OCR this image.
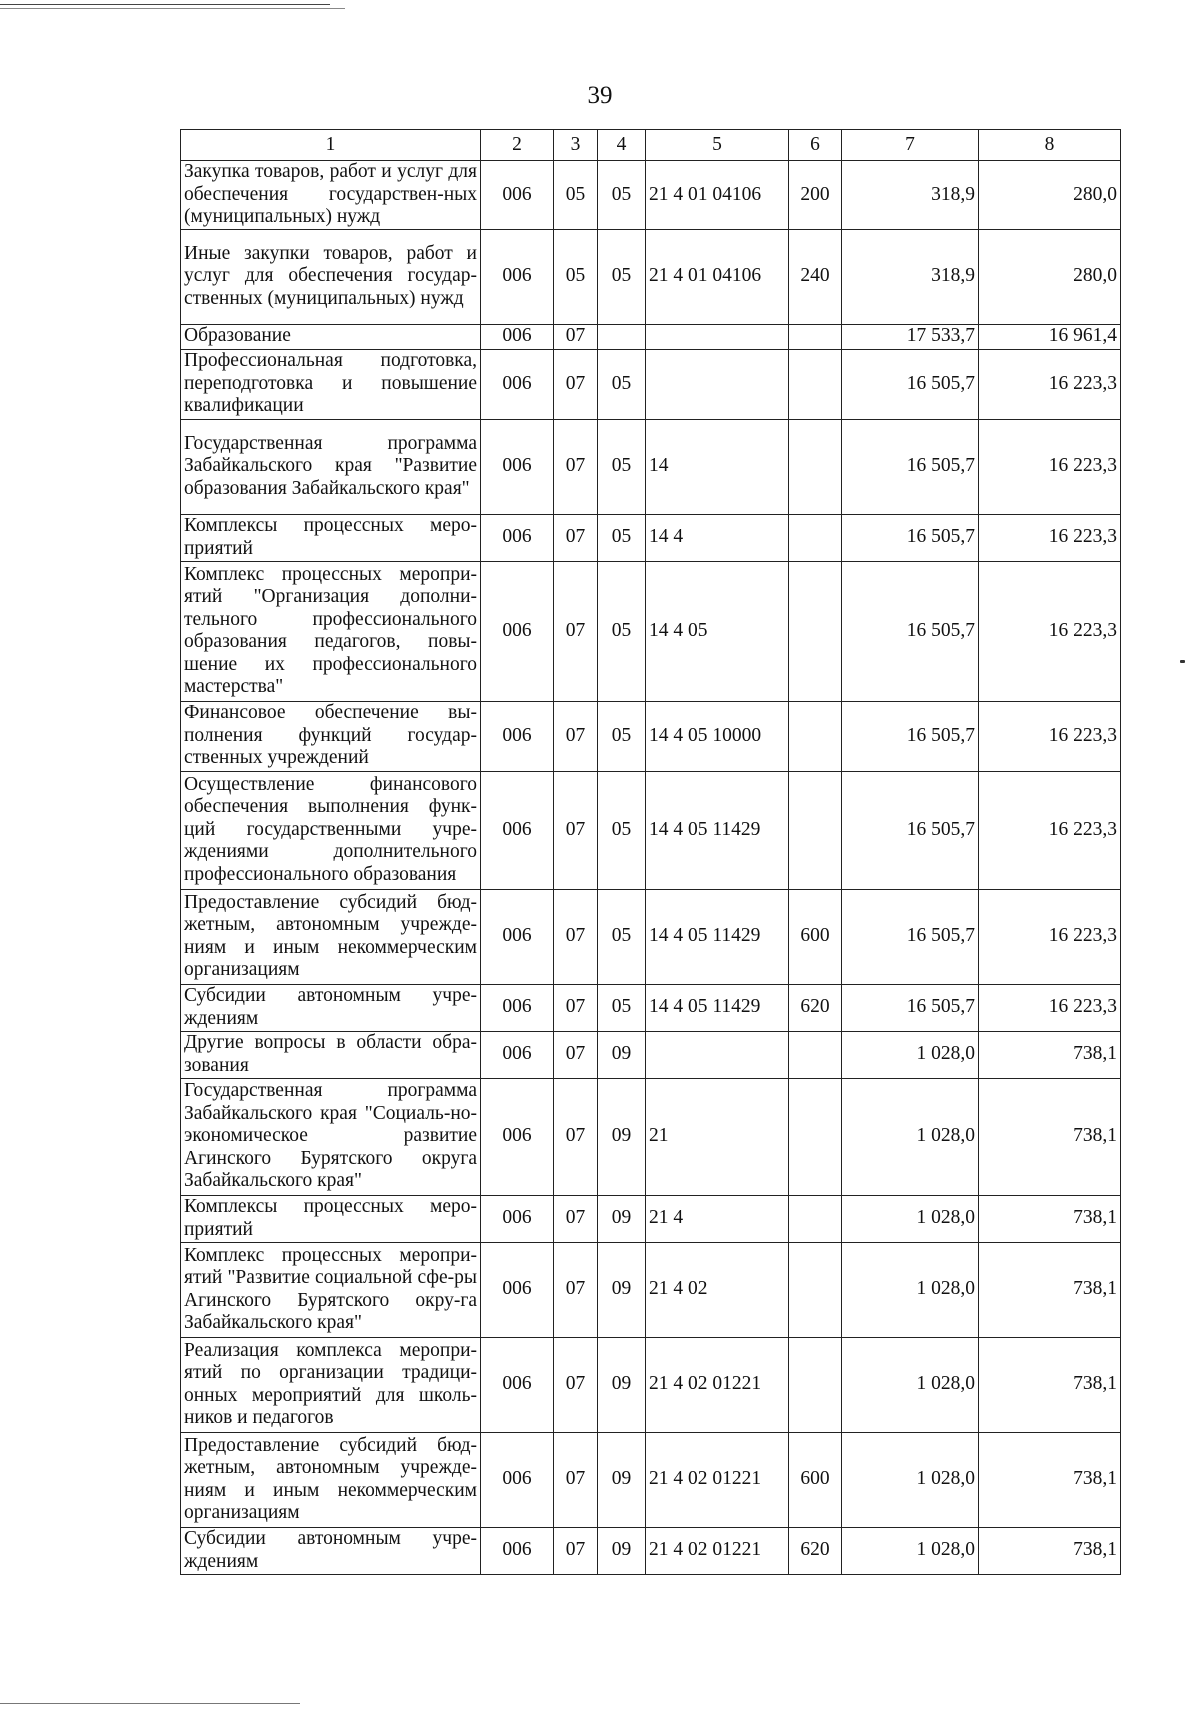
39
1	2	3	4	5	6	7	8
Закупка товаров, работ и услуг для обеспечения государствен-ных (муниципальных) нужд	006	05	05	21 4 01 04106	200	318,9	280,0
Иные закупки товаров, работ и услуг для обеспечения государ-ственных (муниципальных) нужд	006	05	05	21 4 01 04106	240	318,9	280,0
Образование	006	07				17 533,7	16 961,4
Профессиональная подготовка, переподготовка и повышение квалификации	006	07	05			16 505,7	16 223,3
Государственная программа Забайкальского края "Развитие образования Забайкальского края"	006	07	05	14		16 505,7	16 223,3
Комплексы процессных меро-приятий	006	07	05	14 4		16 505,7	16 223,3
Комплекс процессных меропри-ятий "Организация дополни-тельного профессионального образования педагогов, повы-шение их профессионального мастерства"	006	07	05	14 4 05		16 505,7	16 223,3
Финансовое обеспечение вы-полнения функций государ-ственных учреждений	006	07	05	14 4 05 10000		16 505,7	16 223,3
Осуществление финансового обеспечения выполнения функ-ций государственными учре-ждениями дополнительного профессионального образования	006	07	05	14 4 05 11429		16 505,7	16 223,3
Предоставление субсидий бюд-жетным, автономным учрежде-ниям и иным некоммерческим организациям	006	07	05	14 4 05 11429	600	16 505,7	16 223,3
Субсидии автономным учре-ждениям	006	07	05	14 4 05 11429	620	16 505,7	16 223,3
Другие вопросы в области обра-зования	006	07	09			1 028,0	738,1
Государственная программа Забайкальского края "Социаль-но-экономическое развитие Агинского Бурятского округа Забайкальского края"	006	07	09	21		1 028,0	738,1
Комплексы процессных меро-приятий	006	07	09	21 4		1 028,0	738,1
Комплекс процессных меропри-ятий "Развитие социальной сфе-ры Агинского Бурятского окру-га Забайкальского края"	006	07	09	21 4 02		1 028,0	738,1
Реализация комплекса меропри-ятий по организации традици-онных мероприятий для школь-ников и педагогов	006	07	09	21 4 02 01221		1 028,0	738,1
Предоставление субсидий бюд-жетным, автономным учрежде-ниям и иным некоммерческим организациям	006	07	09	21 4 02 01221	600	1 028,0	738,1
Субсидии автономным учре-ждениям	006	07	09	21 4 02 01221	620	1 028,0	738,1
